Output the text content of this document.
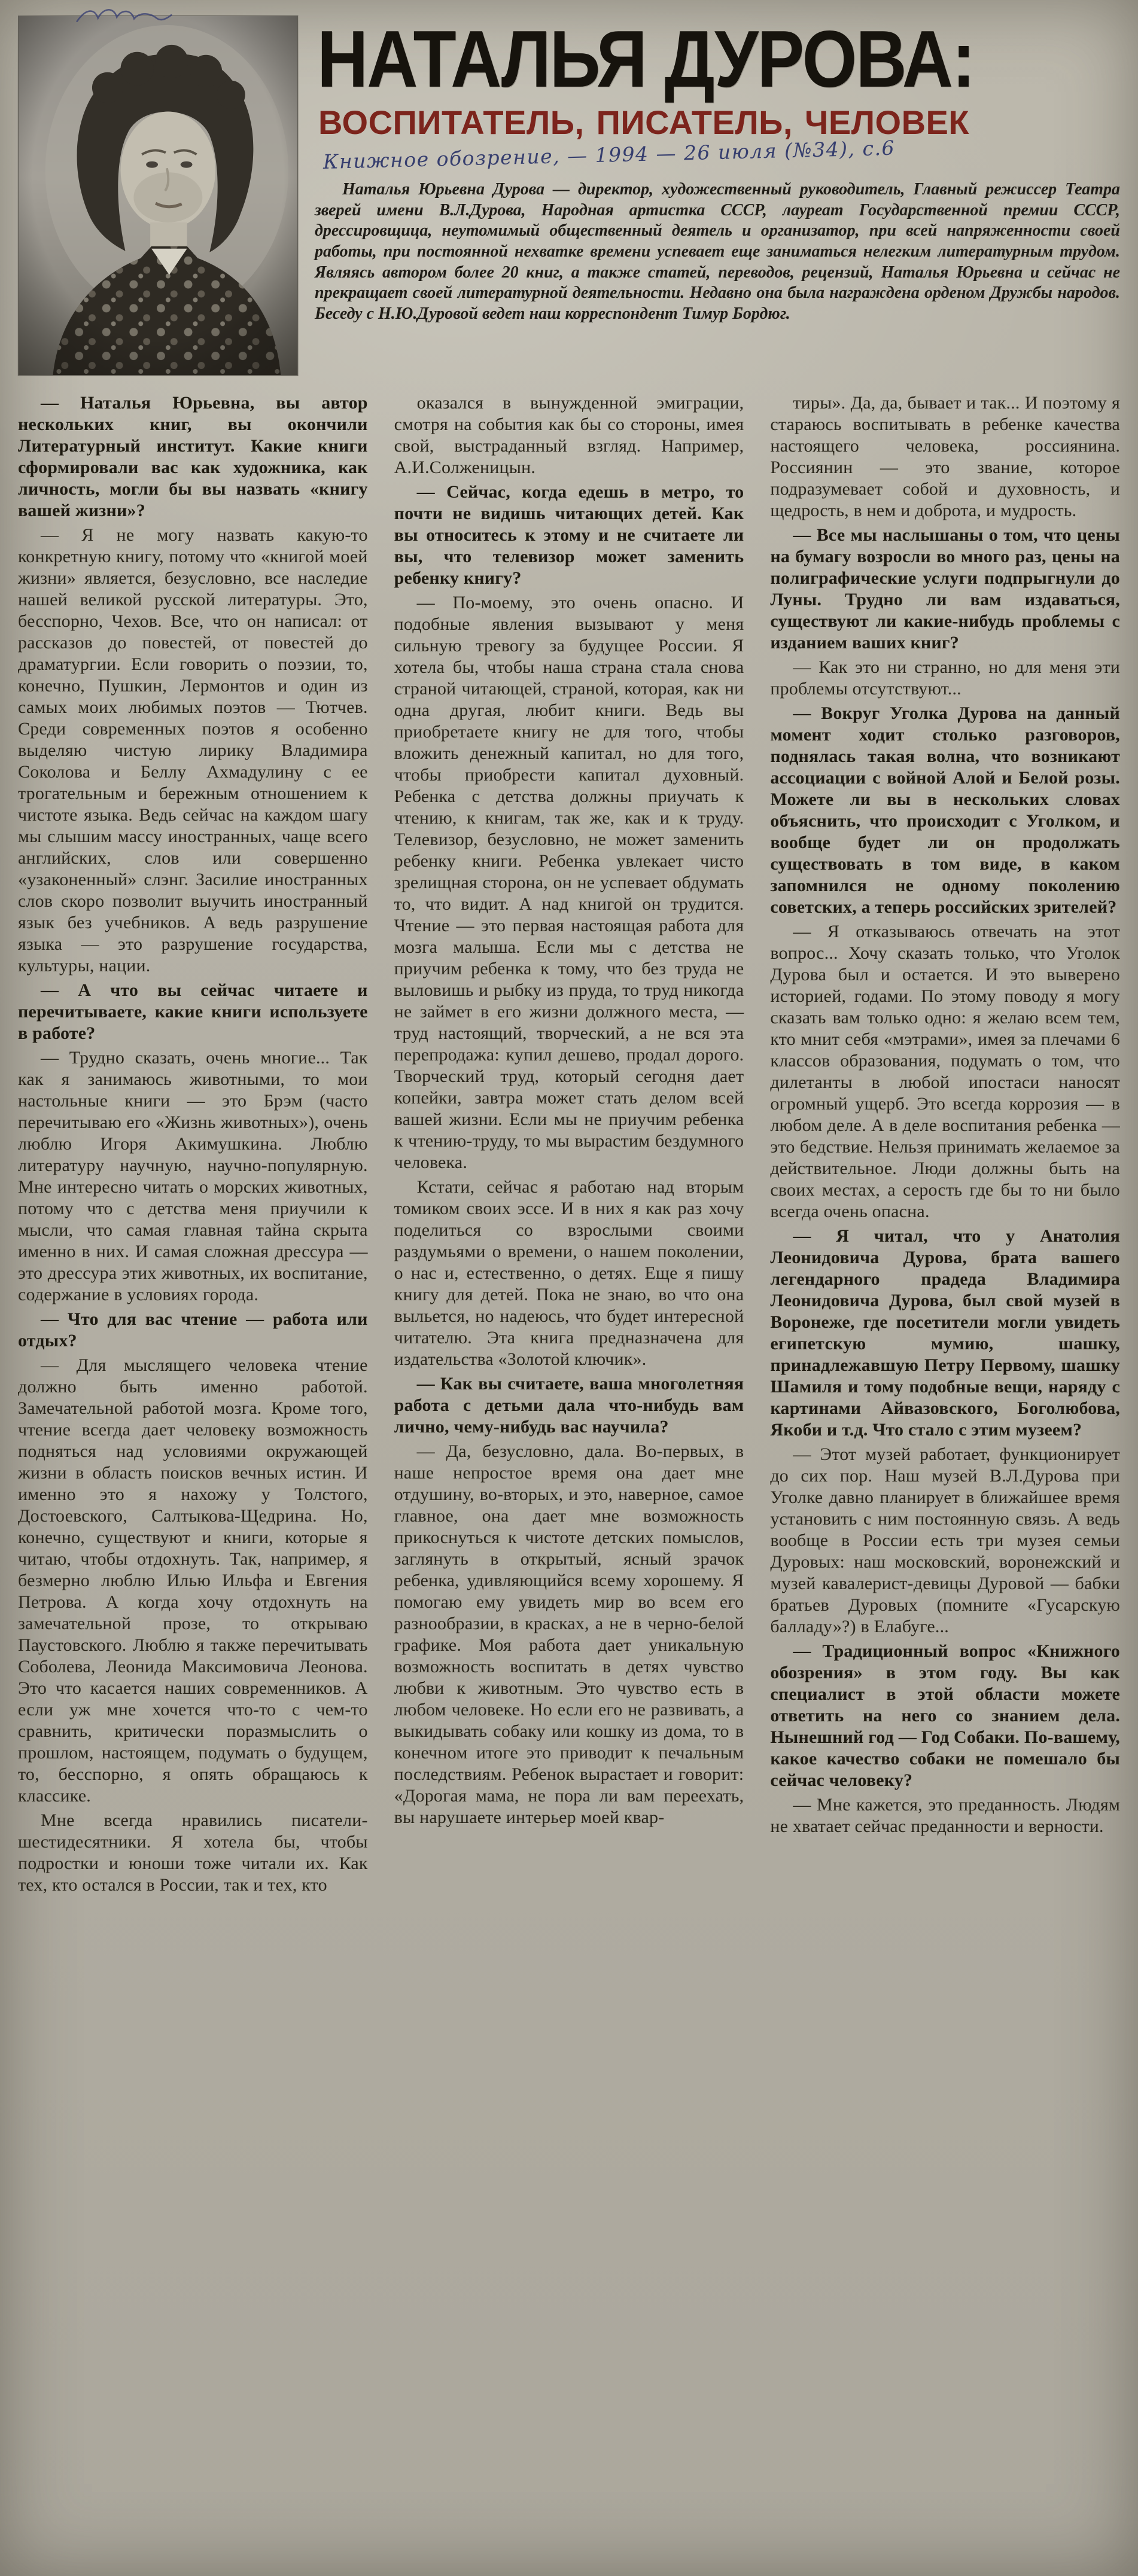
НАТАЛЬЯ ДУРОВА:
ВОСПИТАТЕЛЬ, ПИСАТЕЛЬ, ЧЕЛОВЕК
Книжное обозрение, — 1994 — 26 июля (№34), с.6

Наталья Юрьевна Дурова — директор, художественный руководитель, Главный режиссер Театра зверей имени В.Л.Дурова, Народная артистка СССР, лауреат Государственной премии СССР, дрессировщица, неутомимый общественный деятель и организатор, при всей напряженности своей работы, при постоянной нехватке времени успевает еще заниматься нелегким литературным трудом. Являясь автором более 20 книг, а также статей, переводов, рецензий, Наталья Юрьевна и сейчас не прекращает своей литературной деятельности. Недавно она была награждена орденом Дружбы народов. Беседу с Н.Ю.Дуровой ведет наш корреспондент Тимур Бордюг.

— Наталья Юрьевна, вы автор нескольких книг, вы окончили Литературный институт. Какие книги сформировали вас как художника, как личность, могли бы вы назвать «книгу вашей жизни»?

— Я не могу назвать какую-то конкретную книгу, потому что «книгой моей жизни» является, безусловно, все наследие нашей великой русской литературы. Это, бесспорно, Чехов. Все, что он написал: от рассказов до повестей, от повестей до драматургии. Если говорить о поэзии, то, конечно, Пушкин, Лермонтов и один из самых моих любимых поэтов — Тютчев. Среди современных поэтов я особенно выделяю чистую лирику Владимира Соколова и Беллу Ахмадулину с ее трогательным и бережным отношением к чистоте языка. Ведь сейчас на каждом шагу мы слышим массу иностранных, чаще всего английских, слов или совершенно «узаконенный» слэнг. Засилие иностранных слов скоро позволит выучить иностранный язык без учебников. А ведь разрушение языка — это разрушение государства, культуры, нации.

— А что вы сейчас читаете и перечитываете, какие книги используете в работе?

— Трудно сказать, очень многие... Так как я занимаюсь животными, то мои настольные книги — это Брэм (часто перечитываю его «Жизнь животных»), очень люблю Игоря Акимушкина. Люблю литературу научную, научно-популярную. Мне интересно читать о морских животных, потому что с детства меня приучили к мысли, что самая главная тайна скрыта именно в них. И самая сложная дрессура — это дрессура этих животных, их воспитание, содержание в условиях города.

— Что для вас чтение — работа или отдых?

— Для мыслящего человека чтение должно быть именно работой. Замечательной работой мозга. Кроме того, чтение всегда дает человеку возможность подняться над условиями окружающей жизни в область поисков вечных истин. И именно это я нахожу у Толстого, Достоевского, Салтыкова-Щедрина. Но, конечно, существуют и книги, которые я читаю, чтобы отдохнуть. Так, например, я безмерно люблю Илью Ильфа и Евгения Петрова. А когда хочу отдохнуть на замечательной прозе, то открываю Паустовского. Люблю я также перечитывать Соболева, Леонида Максимовича Леонова. Это что касается наших современников. А если уж мне хочется что-то с чем-то сравнить, критически поразмыслить о прошлом, настоящем, подумать о будущем, то, бесспорно, я опять обращаюсь к классике.

Мне всегда нравились писатели-шестидесятники. Я хотела бы, чтобы подростки и юноши тоже читали их. Как тех, кто остался в России, так и тех, кто

оказался в вынужденной эмиграции, смотря на события как бы со стороны, имея свой, выстраданный взгляд. Например, А.И.Солженицын.

— Сейчас, когда едешь в метро, то почти не видишь читающих детей. Как вы относитесь к этому и не считаете ли вы, что телевизор может заменить ребенку книгу?

— По-моему, это очень опасно. И подобные явления вызывают у меня сильную тревогу за будущее России. Я хотела бы, чтобы наша страна стала снова страной читающей, страной, которая, как ни одна другая, любит книги. Ведь вы приобретаете книгу не для того, чтобы вложить денежный капитал, но для того, чтобы приобрести капитал духовный. Ребенка с детства должны приучать к чтению, к книгам, так же, как и к труду. Телевизор, безусловно, не может заменить ребенку книги. Ребенка увлекает чисто зрелищная сторона, он не успевает обдумать то, что видит. А над книгой он трудится. Чтение — это первая настоящая работа для мозга малыша. Если мы с детства не приучим ребенка к тому, что без труда не выловишь и рыбку из пруда, то труд никогда не займет в его жизни должного места, — труд настоящий, творческий, а не вся эта перепродажа: купил дешево, продал дорого. Творческий труд, который сегодня дает копейки, завтра может стать делом всей вашей жизни. Если мы не приучим ребенка к чтению-труду, то мы вырастим бездумного человека.

Кстати, сейчас я работаю над вторым томиком своих эссе. И в них я как раз хочу поделиться со взрослыми своими раздумьями о времени, о нашем поколении, о нас и, естественно, о детях. Еще я пишу книгу для детей. Пока не знаю, во что она выльется, но надеюсь, что будет интересной читателю. Эта книга предназначена для издательства «Золотой ключик».

— Как вы считаете, ваша многолетняя работа с детьми дала что-нибудь вам лично, чему-нибудь вас научила?

— Да, безусловно, дала. Во-первых, в наше непростое время она дает мне отдушину, во-вторых, и это, наверное, самое главное, она дает мне возможность прикоснуться к чистоте детских помыслов, заглянуть в открытый, ясный зрачок ребенка, удивляющийся всему хорошему. Я помогаю ему увидеть мир во всем его разнообразии, в красках, а не в черно-белой графике. Моя работа дает уникальную возможность воспитать в детях чувство любви к животным. Это чувство есть в любом человеке. Но если его не развивать, а выкидывать собаку или кошку из дома, то в конечном итоге это приводит к печальным последствиям. Ребенок вырастает и говорит: «Дорогая мама, не пора ли вам переехать, вы нарушаете интерьер моей квар-

тиры». Да, да, бывает и так... И поэтому я стараюсь воспитывать в ребенке качества настоящего человека, россиянина. Россиянин — это звание, которое подразумевает собой и духовность, и щедрость, в нем и доброта, и мудрость.

— Все мы наслышаны о том, что цены на бумагу возросли во много раз, цены на полиграфические услуги подпрыгнули до Луны. Трудно ли вам издаваться, существуют ли какие-нибудь проблемы с изданием ваших книг?

— Как это ни странно, но для меня эти проблемы отсутствуют...

— Вокруг Уголка Дурова на данный момент ходит столько разговоров, поднялась такая волна, что возникают ассоциации с войной Алой и Белой розы. Можете ли вы в нескольких словах объяснить, что происходит с Уголком, и вообще будет ли он продолжать существовать в том виде, в каком запомнился не одному поколению советских, а теперь российских зрителей?

— Я отказываюсь отвечать на этот вопрос... Хочу сказать только, что Уголок Дурова был и остается. И это выверено историей, годами. По этому поводу я могу сказать вам только одно: я желаю всем тем, кто мнит себя «мэтрами», имея за плечами 6 классов образования, подумать о том, что дилетанты в любой ипостаси наносят огромный ущерб. Это всегда коррозия — в любом деле. А в деле воспитания ребенка — это бедствие. Нельзя принимать желаемое за действительное. Люди должны быть на своих местах, а серость где бы то ни было всегда очень опасна.

— Я читал, что у Анатолия Леонидовича Дурова, брата вашего легендарного прадеда Владимира Леонидовича Дурова, был свой музей в Воронеже, где посетители могли увидеть египетскую мумию, шашку, принадлежавшую Петру Первому, шашку Шамиля и тому подобные вещи, наряду с картинами Айвазовского, Боголюбова, Якоби и т.д. Что стало с этим музеем?

— Этот музей работает, функционирует до сих пор. Наш музей В.Л.Дурова при Уголке давно планирует в ближайшее время установить с ним постоянную связь. А ведь вообще в России есть три музея семьи Дуровых: наш московский, воронежский и музей кавалерист-девицы Дуровой — бабки братьев Дуровых (помните «Гусарскую балладу»?) в Елабуге...

— Традиционный вопрос «Книжного обозрения» в этом году. Вы как специалист в этой области можете ответить на него со знанием дела. Нынешний год — Год Собаки. По-вашему, какое качество собаки не помешало бы сейчас человеку?

— Мне кажется, это преданность. Людям не хватает сейчас преданности и верности.
